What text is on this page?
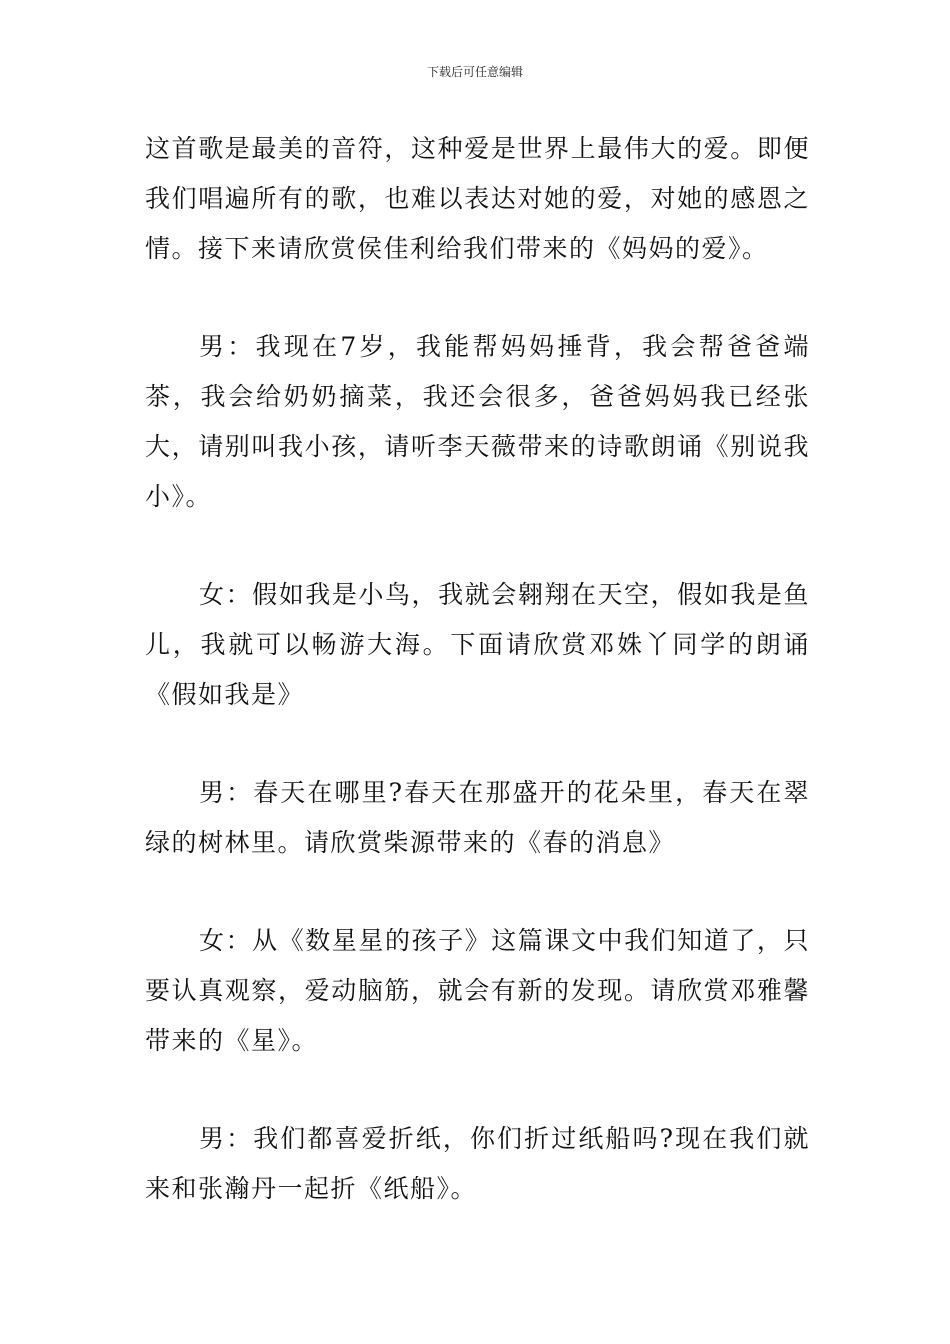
下载后可任意编辑

这首歌是最美的音符，这种爱是世界上最伟大的爱。即便我们唱遍所有的歌，也难以表达对她的爱，对她的感恩之情。接下来请欣赏侯佳利给我们带来的《妈妈的爱》。

男：我现在7岁，我能帮妈妈捶背，我会帮爸爸端茶，我会给奶奶摘菜，我还会很多，爸爸妈妈我已经张大，请别叫我小孩，请听李天薇带来的诗歌朗诵《别说我小》。

女：假如我是小鸟，我就会翱翔在天空，假如我是鱼儿，我就可以畅游大海。下面请欣赏邓姝丫同学的朗诵《假如我是》

男：春天在哪里?春天在那盛开的花朵里，春天在翠绿的树林里。请欣赏柴源带来的《春的消息》

女：从《数星星的孩子》这篇课文中我们知道了，只要认真观察，爱动脑筋，就会有新的发现。请欣赏邓雅馨带来的《星》。

男：我们都喜爱折纸，你们折过纸船吗?现在我们就来和张瀚丹一起折《纸船》。
